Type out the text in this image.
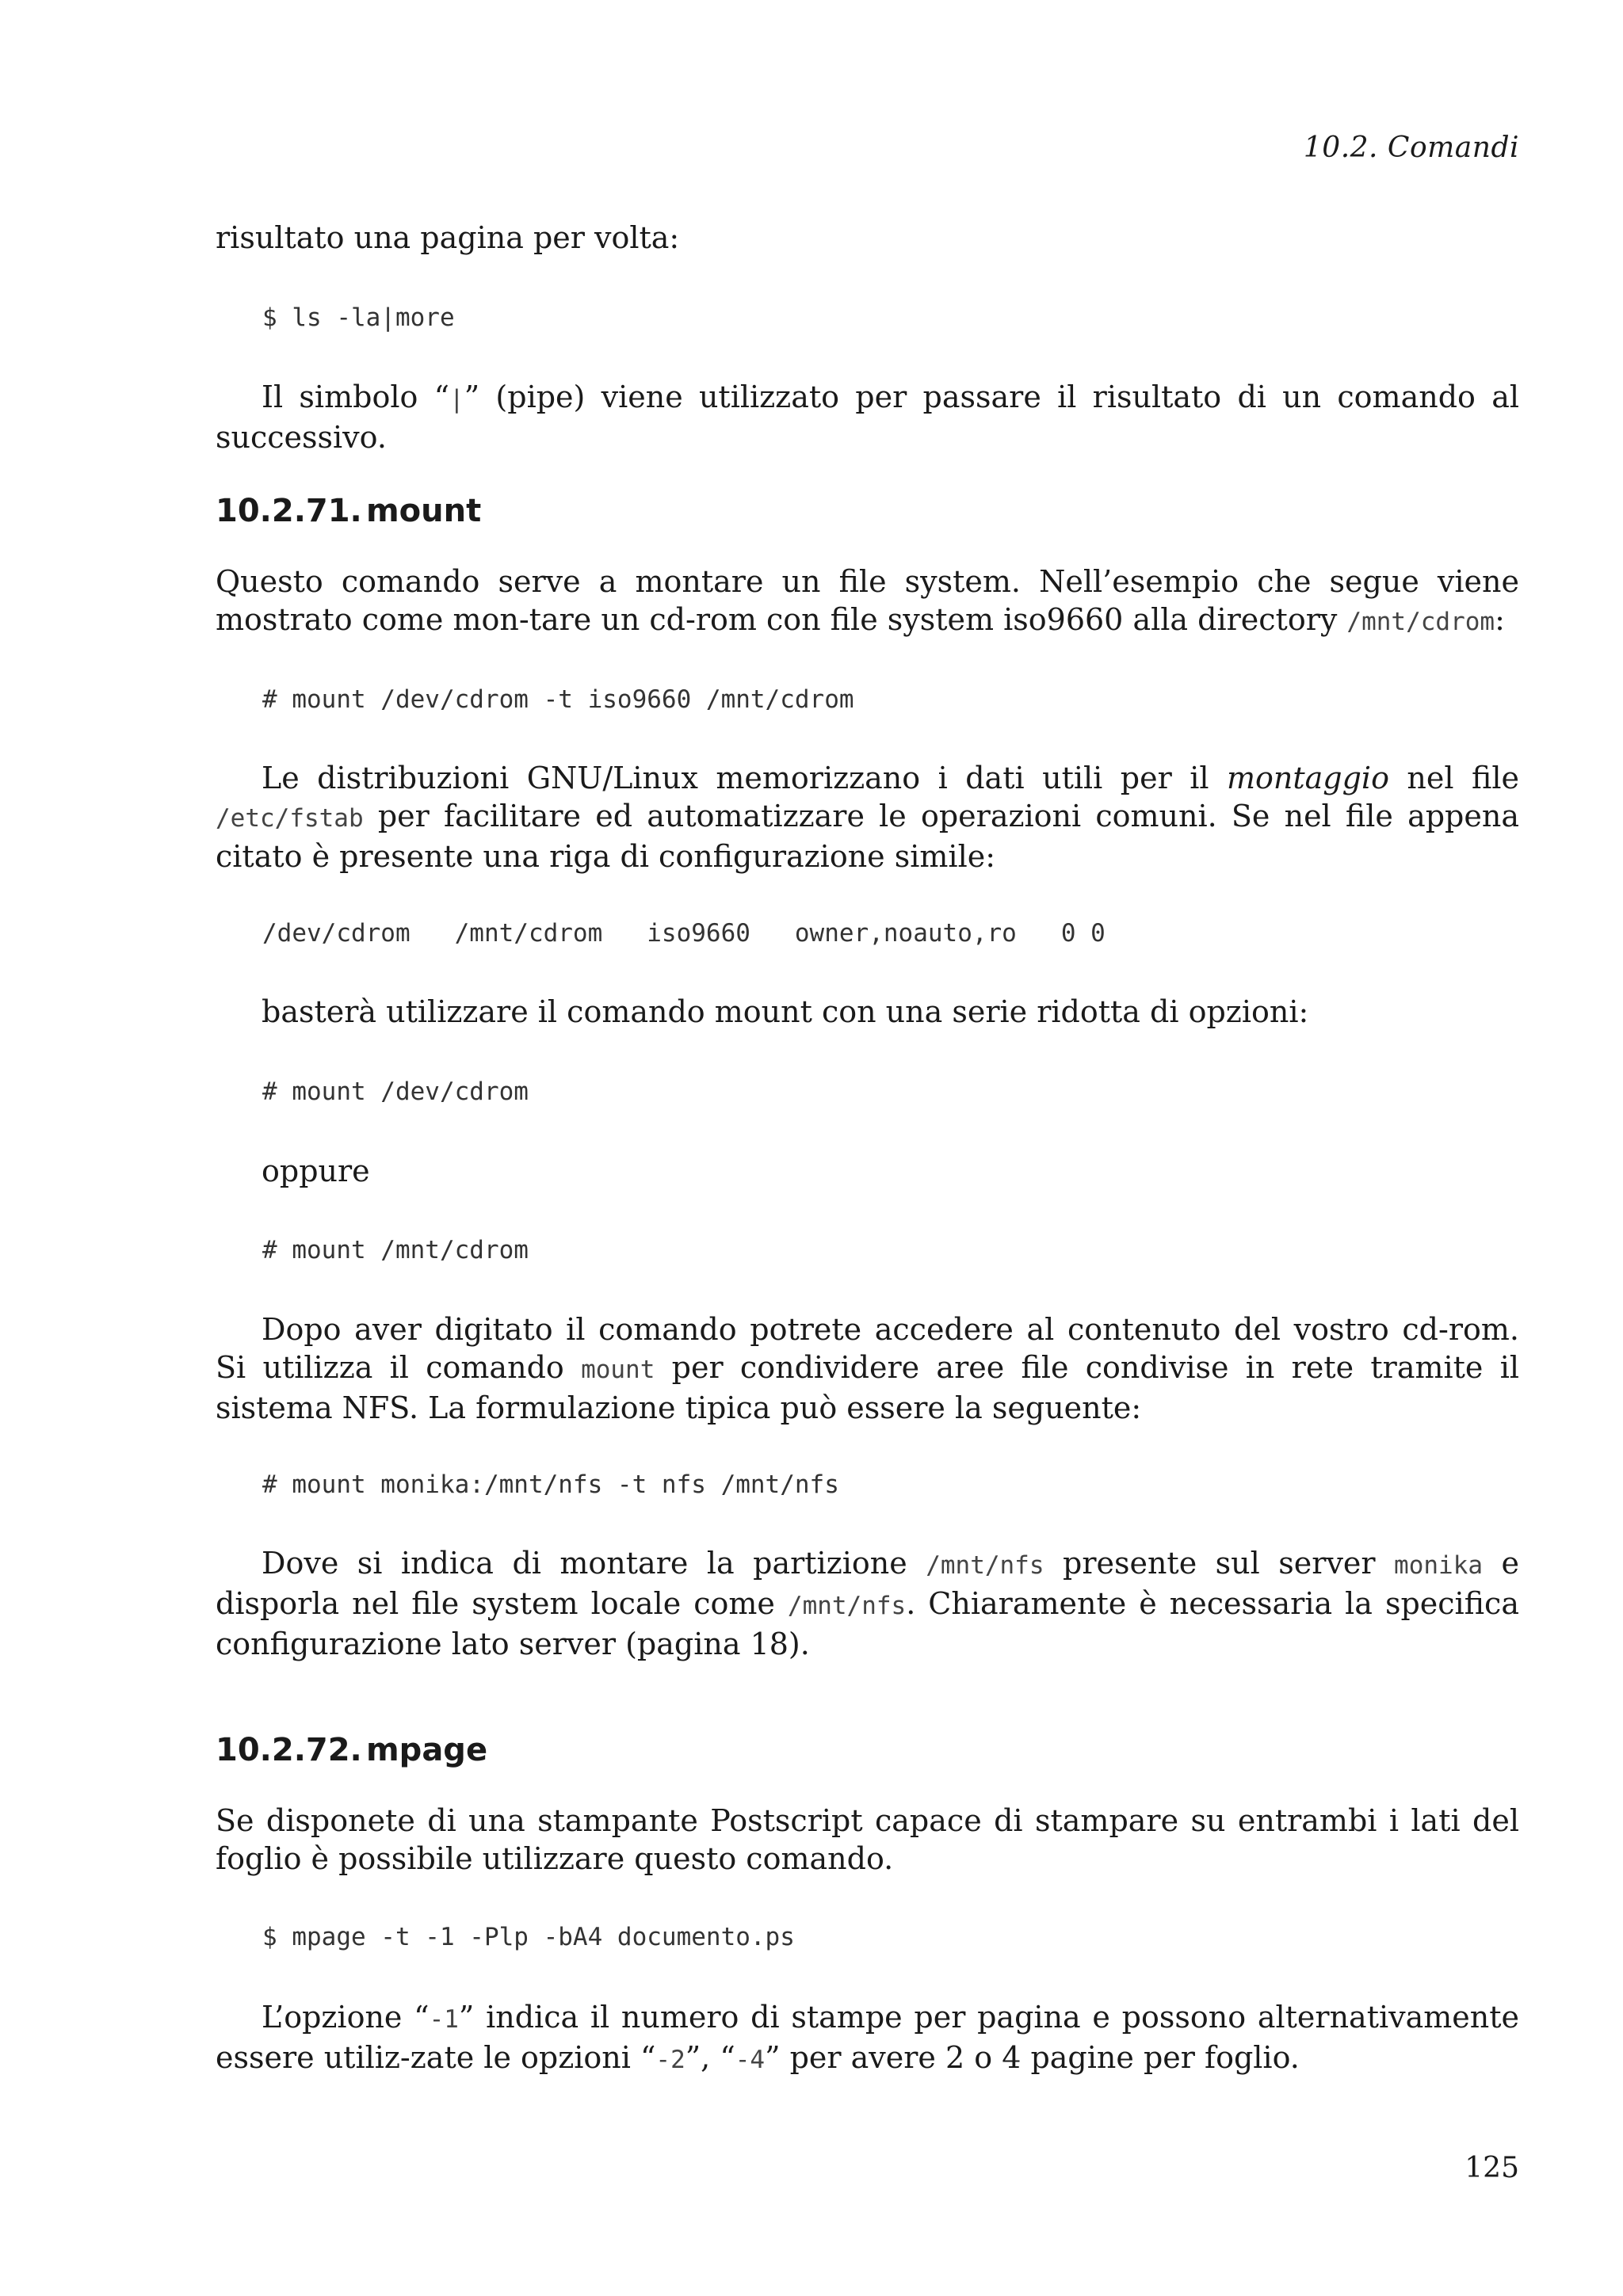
10.2. Comandi
risultato una pagina per volta:
$ ls -la|more
Il simbolo “|” (pipe) viene utilizzato per passare il risultato di un comando al successivo.
10.2.71. mount
Questo comando serve a montare un file system. Nell’esempio che segue viene mostrato come mon-tare un cd-rom con file system iso9660 alla directory /mnt/cdrom:
# mount /dev/cdrom -t iso9660 /mnt/cdrom
Le distribuzioni GNU/Linux memorizzano i dati utili per il montaggio nel file /etc/fstab per facilitare ed automatizzare le operazioni comuni. Se nel file appena citato è presente una riga di configurazione simile:
/dev/cdrom   /mnt/cdrom   iso9660   owner,noauto,ro   0 0
basterà utilizzare il comando mount con una serie ridotta di opzioni:
# mount /dev/cdrom
oppure
# mount /mnt/cdrom
Dopo aver digitato il comando potrete accedere al contenuto del vostro cd-rom. Si utilizza il comando mount per condividere aree file condivise in rete tramite il sistema NFS. La formulazione tipica può essere la seguente:
# mount monika:/mnt/nfs -t nfs /mnt/nfs
Dove si indica di montare la partizione /mnt/nfs presente sul server monika e disporla nel file system locale come /mnt/nfs. Chiaramente è necessaria la specifica configurazione lato server (pagina 18).
10.2.72. mpage
Se disponete di una stampante Postscript capace di stampare su entrambi i lati del foglio è possibile utilizzare questo comando.
$ mpage -t -1 -Plp -bA4 documento.ps
L’opzione “-1” indica il numero di stampe per pagina e possono alternativamente essere utiliz-zate le opzioni “-2”, “-4” per avere 2 o 4 pagine per foglio.
125
